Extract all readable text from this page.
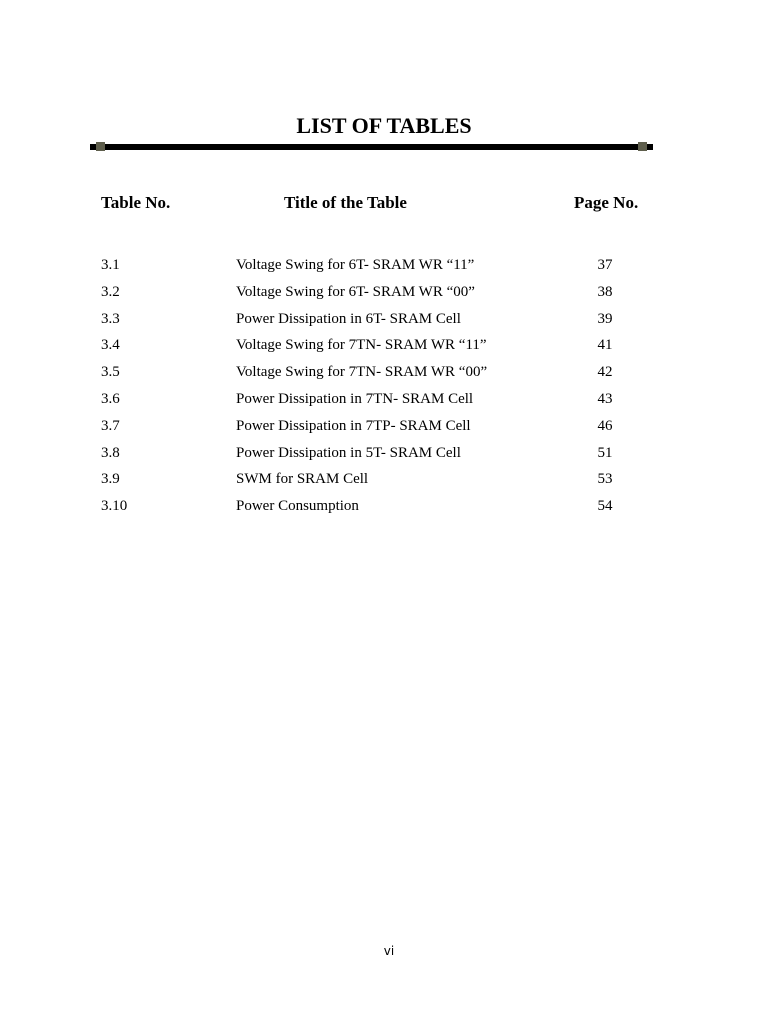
LIST OF TABLES
Table No.	Title of the Table	Page No.
3.1	Voltage Swing for 6T- SRAM WR “11”	37
3.2	Voltage Swing for 6T- SRAM WR “00”	38
3.3	Power Dissipation in 6T- SRAM Cell	39
3.4	Voltage Swing for 7TN- SRAM WR “11”	41
3.5	Voltage Swing for 7TN- SRAM WR “00”	42
3.6	Power Dissipation in 7TN- SRAM Cell	43
3.7	Power Dissipation in 7TP- SRAM Cell	46
3.8	Power Dissipation in 5T- SRAM Cell	51
3.9	SWM for SRAM Cell	53
3.10	Power Consumption	54
vi
